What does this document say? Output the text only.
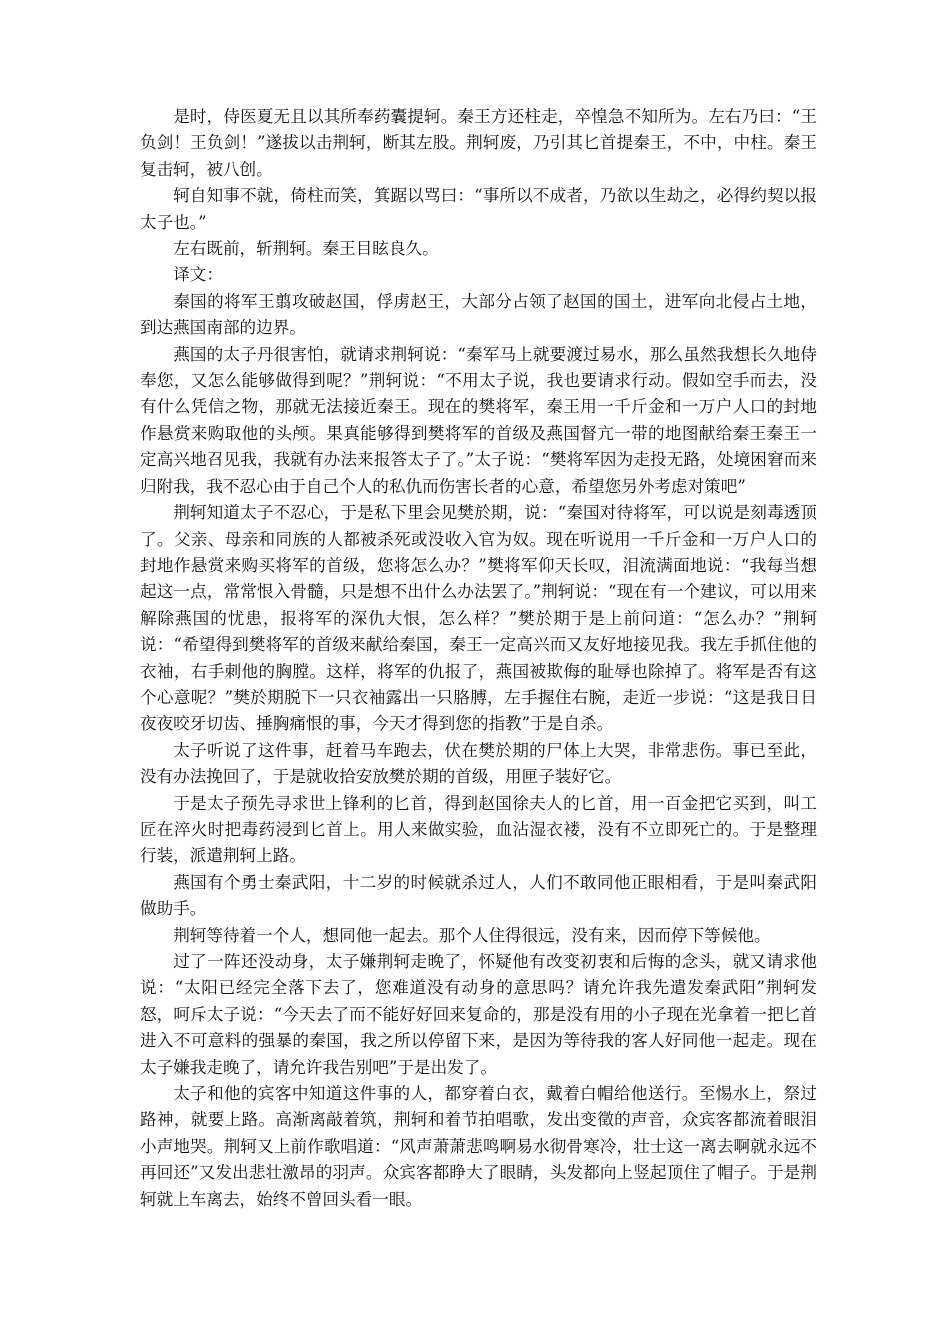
是时，侍医夏无且以其所奉药囊提轲。秦王方还柱走，卒惶急不知所为。左右乃曰：“王负剑！王负剑！”遂拔以击荆轲，断其左股。荆轲废，乃引其匕首提秦王，不中，中柱。秦王复击轲，被八创。

轲自知事不就，倚柱而笑，箕踞以骂曰：“事所以不成者，乃欲以生劫之，必得约契以报太子也。”

左右既前，斩荆轲。秦王目眩良久。

译文：

秦国的将军王翦攻破赵国，俘虏赵王，大部分占领了赵国的国土，进军向北侵占土地，到达燕国南部的边界。

燕国的太子丹很害怕，就请求荆轲说：“秦军马上就要渡过易水，那么虽然我想长久地侍奉您，又怎么能够做得到呢？”荆轲说：“不用太子说，我也要请求行动。假如空手而去，没有什么凭信之物，那就无法接近秦王。现在的樊将军，秦王用一千斤金和一万户人口的封地作悬赏来购取他的头颅。果真能够得到樊将军的首级及燕国督亢一带的地图献给秦王秦王一定高兴地召见我，我就有办法来报答太子了。”太子说：“樊将军因为走投无路，处境困窘而来归附我，我不忍心由于自己个人的私仇而伤害长者的心意，希望您另外考虑对策吧”

荆轲知道太子不忍心，于是私下里会见樊於期，说：“秦国对待将军，可以说是刻毒透顶了。父亲、母亲和同族的人都被杀死或没收入官为奴。现在听说用一千斤金和一万户人口的封地作悬赏来购买将军的首级，您将怎么办？”樊将军仰天长叹，泪流满面地说：“我每当想起这一点，常常恨入骨髓，只是想不出什么办法罢了。”荆轲说：“现在有一个建议，可以用来解除燕国的忧患，报将军的深仇大恨，怎么样？”樊於期于是上前问道：“怎么办？”荆轲说：“希望得到樊将军的首级来献给秦国，秦王一定高兴而又友好地接见我。我左手抓住他的衣袖，右手刺他的胸膛。这样，将军的仇报了，燕国被欺侮的耻辱也除掉了。将军是否有这个心意呢？”樊於期脱下一只衣袖露出一只胳膊，左手握住右腕，走近一步说：“这是我日日夜夜咬牙切齿、捶胸痛恨的事，今天才得到您的指教”于是自杀。

太子听说了这件事，赶着马车跑去，伏在樊於期的尸体上大哭，非常悲伤。事已至此，没有办法挽回了，于是就收拾安放樊於期的首级，用匣子装好它。

于是太子预先寻求世上锋利的匕首，得到赵国徐夫人的匕首，用一百金把它买到，叫工匠在淬火时把毒药浸到匕首上。用人来做实验，血沾湿衣褛，没有不立即死亡的。于是整理行装，派遣荆轲上路。

燕国有个勇士秦武阳，十二岁的时候就杀过人，人们不敢同他正眼相看，于是叫秦武阳做助手。

荆轲等待着一个人，想同他一起去。那个人住得很远，没有来，因而停下等候他。

过了一阵还没动身，太子嫌荆轲走晚了，怀疑他有改变初衷和后悔的念头，就又请求他说：“太阳已经完全落下去了，您难道没有动身的意思吗？请允许我先遣发秦武阳”荆轲发怒，呵斥太子说：“今天去了而不能好好回来复命的，那是没有用的小子现在光拿着一把匕首进入不可意料的强暴的秦国，我之所以停留下来，是因为等待我的客人好同他一起走。现在太子嫌我走晚了，请允许我告别吧”于是出发了。

太子和他的宾客中知道这件事的人，都穿着白衣，戴着白帽给他送行。至惕水上，祭过路神，就要上路。高渐离敲着筑，荆轲和着节拍唱歌，发出变徵的声音，众宾客都流着眼泪小声地哭。荆轲又上前作歌唱道：“风声萧萧悲鸣啊易水彻骨寒冷，壮士这一离去啊就永远不再回还”又发出悲壮激昂的羽声。众宾客都睁大了眼睛，头发都向上竖起顶住了帽子。于是荆轲就上车离去，始终不曾回头看一眼。
